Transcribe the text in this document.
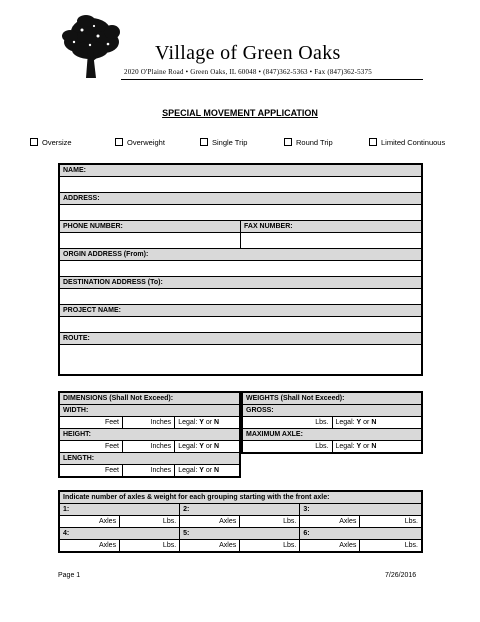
Village of Green Oaks
2020 O'Plaine Road • Green Oaks, IL 60048 • (847)362-5363 • Fax (847)362-5375
SPECIAL MOVEMENT APPLICATION
Oversize	Overweight	Single Trip	Round Trip	Limited Continuous
NAME:	

ADDRESS:	

PHONE NUMBER:	FAX NUMBER:

ORGIN ADDRESS (From):	

DESTINATION ADDRESS (To):	

PROJECT NAME:	

ROUTE:	

DIMENSIONS (Shall Not Exceed):		
WIDTH:		
Feet	Inches	Legal: Y or N
HEIGHT:		
Feet	Inches	Legal: Y or N
LENGTH:		
Feet	Inches	Legal: Y or N
WEIGHTS (Shall Not Exceed):	
GROSS:	
Lbs.	Legal: Y or N
MAXIMUM AXLE:	
Lbs.	Legal: Y or N
Indicate number of axles & weight for each grouping starting with the front axle:					
1:		2:		3:	
Axles	Lbs.	Axles	Lbs.	Axles	Lbs.
4:		5:		6:	
Axles	Lbs.	Axles	Lbs.	Axles	Lbs.
Page 1	7/26/2016
